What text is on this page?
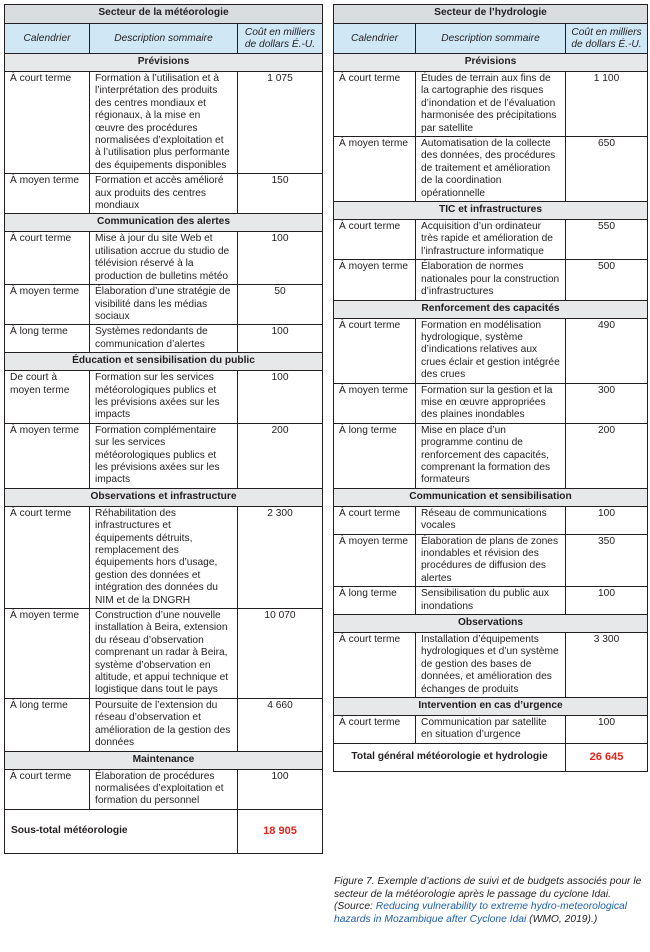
Secteur de la météorologie		
Calendrier	Description sommaire	Coût en milliers de dollars É.-U.
Prévisions		
À court terme	Formation à l’utilisation et à l’interprétation des produits des centres mondiaux et régionaux, à la mise en œuvre des procédures normalisées d’exploitation et à l’utilisation plus performante des équipements disponibles	1 075
À moyen terme	Formation et accès amélioré aux produits des centres mondiaux	150
Communication des alertes		
À court terme	Mise à jour du site Web et utilisation accrue du studio de télévision réservé à la production de bulletins météo	100
À moyen terme	Élaboration d’une stratégie de visibilité dans les médias sociaux	50
À long terme	Systèmes redondants de communication d’alertes	100
Éducation et sensibilisation du public		
De court à moyen terme	Formation sur les services météorologiques publics et les prévisions axées sur les impacts	100
À moyen terme	Formation complémentaire sur les services météorologiques publics et les prévisions axées sur les impacts	200
Observations et infrastructure		
À court terme	Réhabilitation des infrastructures et équipements détruits, remplacement des équipements hors d’usage, gestion des données et intégration des données du NIM et de la DNGRH	2 300
À moyen terme	Construction d’une nouvelle installation à Beira, extension du réseau d’observation comprenant un radar à Beira, système d’observation en altitude, et appui technique et logistique dans tout le pays	10 070
À long terme	Poursuite de l’extension du réseau d’observation et amélioration de la gestion des données	4 660
Maintenance		
À court terme	Élaboration de procédures normalisées d’exploitation et formation du personnel	100
Sous-total météorologie		18 905
Secteur de l’hydrologie		
Calendrier	Description sommaire	Coût en milliers de dollars É.-U.
Prévisions		
À court terme	Études de terrain aux fins de la cartographie des risques d’inondation et de l’évaluation harmonisée des précipitations par satellite	1 100
À moyen terme	Automatisation de la collecte des données, des procédures de traitement et amélioration de la coordination opérationnelle	650
TIC et infrastructures		
À court terme	Acquisition d’un ordinateur très rapide et amélioration de l’infrastructure informatique	550
À moyen terme	Élaboration de normes nationales pour la construction d’infrastructures	500
Renforcement des capacités		
À court terme	Formation en modélisation hydrologique, système d’indications relatives aux crues éclair et gestion intégrée des crues	490
À moyen terme	Formation sur la gestion et la mise en œuvre appropriées des plaines inondables	300
À long terme	Mise en place d’un programme continu de renforcement des capacités, comprenant la formation des formateurs	200
Communication et sensibilisation		
À court terme	Réseau de communications vocales	100
À moyen terme	Élaboration de plans de zones inondables et révision des procédures de diffusion des alertes	350
À long terme	Sensibilisation du public aux inondations	100
Observations		
À court terme	Installation d’équipements hydrologiques et d’un système de gestion des bases de données, et amélioration des échanges de produits	3 300
Intervention en cas d’urgence		
À court terme	Communication par satellite en situation d’urgence	100
Total général météorologie et hydrologie		26 645
Figure 7. Exemple d’actions de suivi et de budgets associés pour le secteur de la météorologie après le passage du cyclone Idai. (Source: Reducing vulnerability to extreme hydro-meteorological hazards in Mozambique after Cyclone Idai (WMO, 2019).)
